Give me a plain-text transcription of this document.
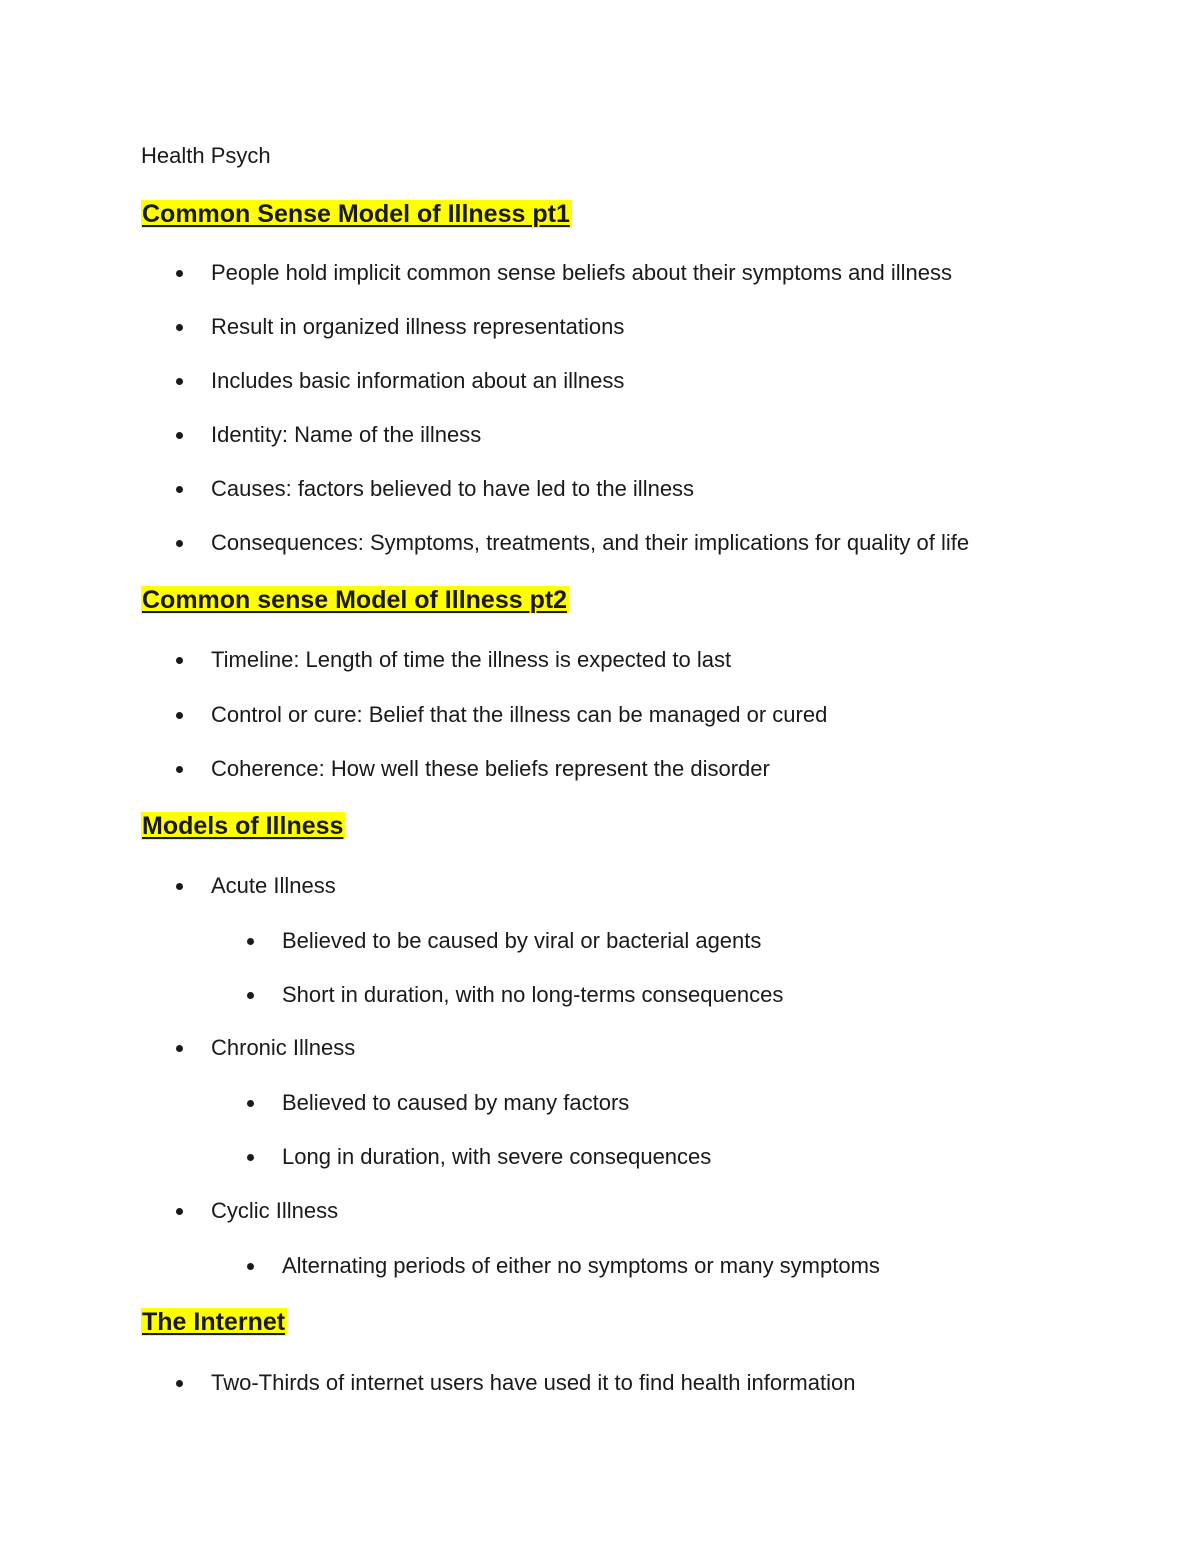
Health Psych
Common Sense Model of Illness pt1
People hold implicit common sense beliefs about their symptoms and illness
Result in organized illness representations
Includes basic information about an illness
Identity: Name of the illness
Causes: factors believed to have led to the illness
Consequences: Symptoms, treatments, and their implications for quality of life
Common sense Model of Illness pt2
Timeline: Length of time the illness is expected to last
Control or cure: Belief that the illness can be managed or cured
Coherence: How well these beliefs represent the disorder
Models of Illness
Acute Illness
Believed to be caused by viral or bacterial agents
Short in duration, with no long-terms consequences
Chronic Illness
Believed to caused by many factors
Long in duration, with severe consequences
Cyclic Illness
Alternating periods of either no symptoms or many symptoms
The Internet
Two-Thirds of internet users have used it to find health information
